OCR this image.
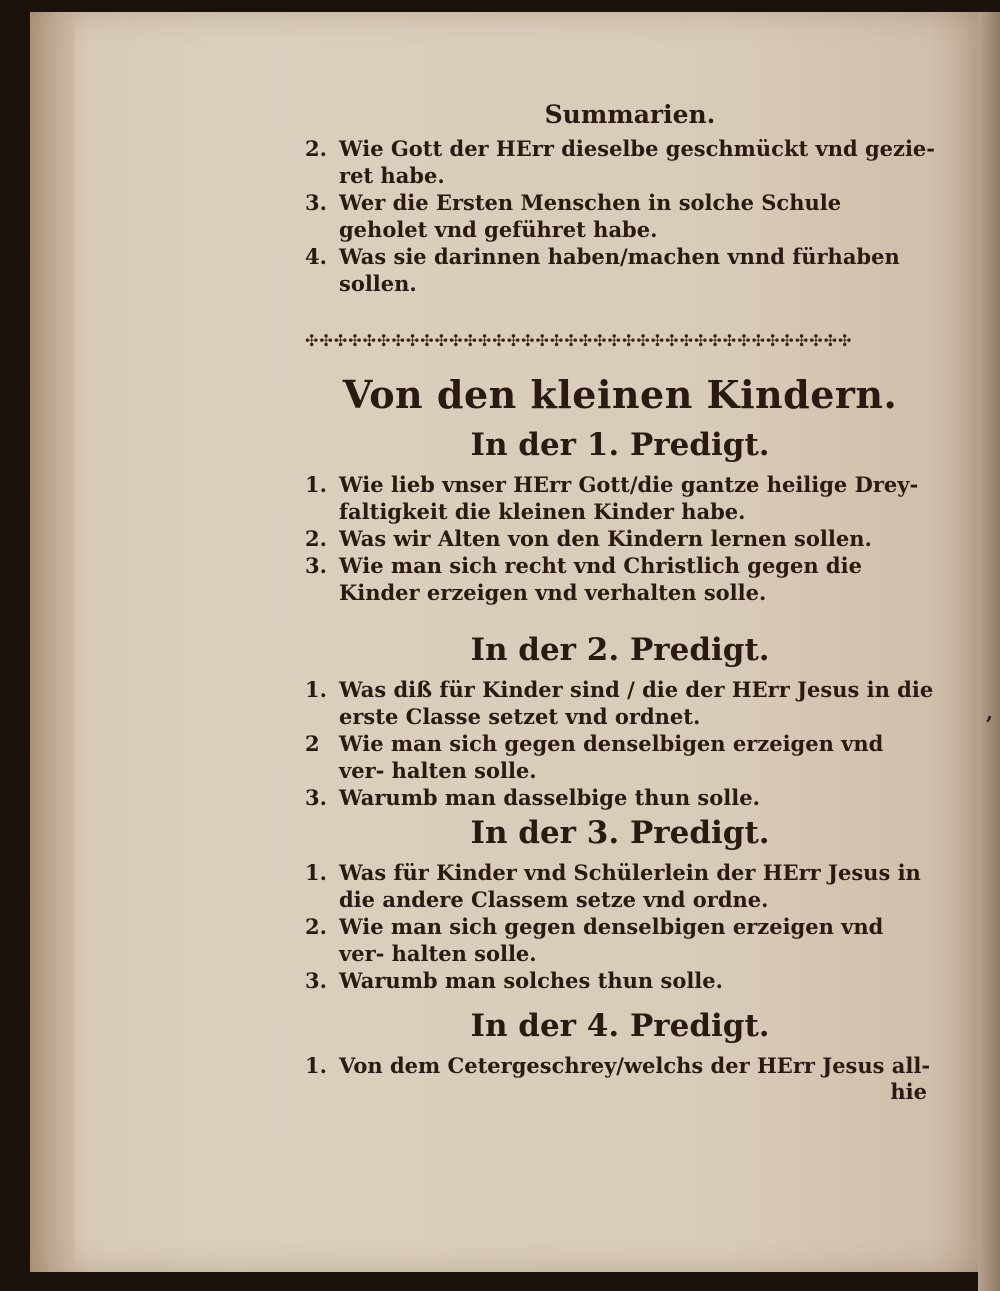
Summarien.
2. Wie Gott der HErr dieselbe geschmückt vnd gezie- ret habe.
3. Wer die Ersten Menschen in solche Schule geholet vnd geführet habe.
4. Was sie darinnen haben/machen vnnd fürhaben sollen.
✣✣✣✣✣✣✣✣✣✣✣✣✣✣✣✣✣✣✣✣✣✣✣✣✣✣✣✣✣✣✣✣✣✣✣✣✣✣
Von den kleinen Kindern.
In der 1. Predigt.
1. Wie lieb vnser HErr Gott/die gantze heilige Drey- faltigkeit die kleinen Kinder habe.
2. Was wir Alten von den Kindern lernen sollen.
3. Wie man sich recht vnd Christlich gegen die Kinder erzeigen vnd verhalten solle.
In der 2. Predigt.
1. Was diß für Kinder sind / die der HErr Jesus in die erste Classe setzet vnd ordnet.
2 Wie man sich gegen denselbigen erzeigen vnd ver- halten solle.
3. Warumb man dasselbige thun solle.
In der 3. Predigt.
1. Was für Kinder vnd Schülerlein der HErr Jesus in die andere Classem setze vnd ordne.
2. Wie man sich gegen denselbigen erzeigen vnd ver- halten solle.
3. Warumb man solches thun solle.
In der 4. Predigt.
1. Von dem Cetergeschrey/welchs der HErr Jesus all-
hie
,
